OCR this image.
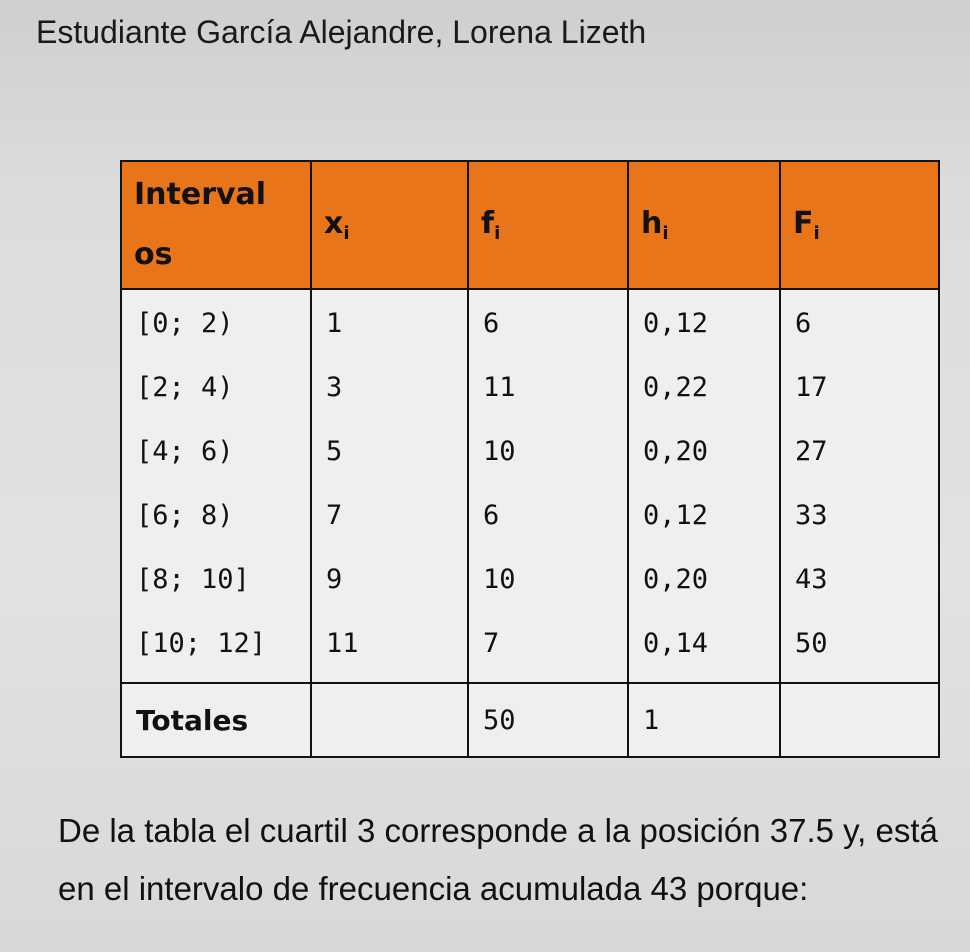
Estudiante García Alejandre, Lorena Lizeth
Interval
os	$x_i$	$f_i$	$h_i$	$F_i$

[0; 2)	1	6	0,12	6

[2; 4)	3	11	0,22	17

[4; 6)	5	10	0,20	27

[6; 8)	7	6	0,12	33

[8; 10]	9	10	0,20	43

[10; 12]	11	7	0,14	50

Totales		50	1	
De la tabla el cuartil 3 corresponde a la posición 37.5 y, está en el intervalo de frecuencia acumulada 43 porque:
